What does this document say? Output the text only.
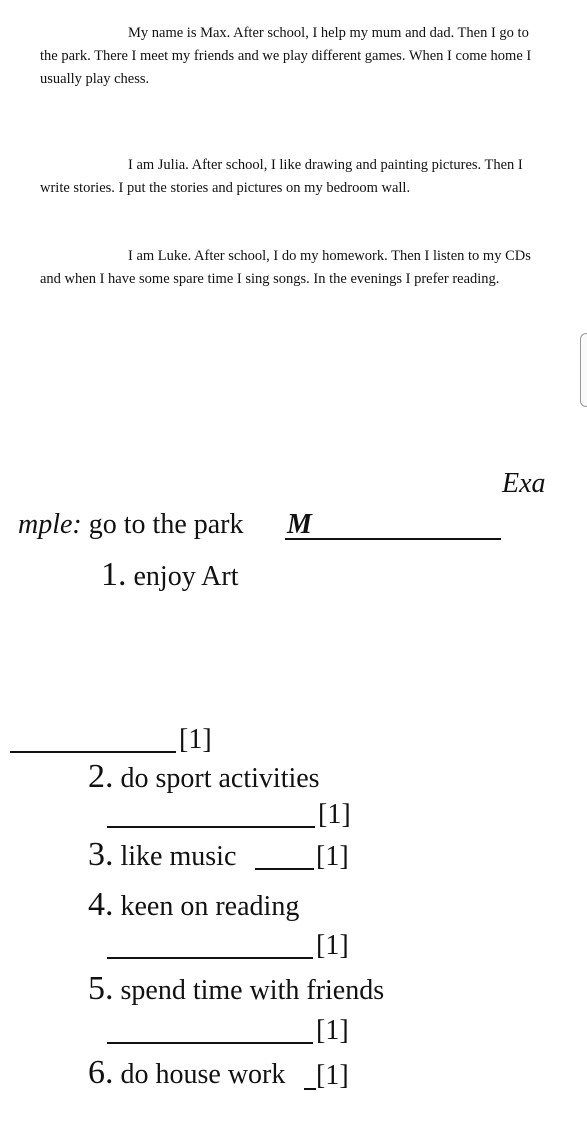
My name is Max. After school, I help my mum and dad. Then I go to the park. There I meet my friends and we play different games. When I come home I usually play chess.

I am Julia. After school, I like drawing and painting pictures. Then I write stories. I put the stories and pictures on my bedroom wall.

I am Luke. After school, I do my homework. Then I listen to my CDs and when I have some spare time I sing songs. In the evenings I prefer reading.

Exa
mple: go to the park M
1. enjoy Art
[1]
2. do sport activities
[1]
3. like music	[1]
4. keen on reading
[1]
5. spend time with friends
[1]
6. do house work [1]
